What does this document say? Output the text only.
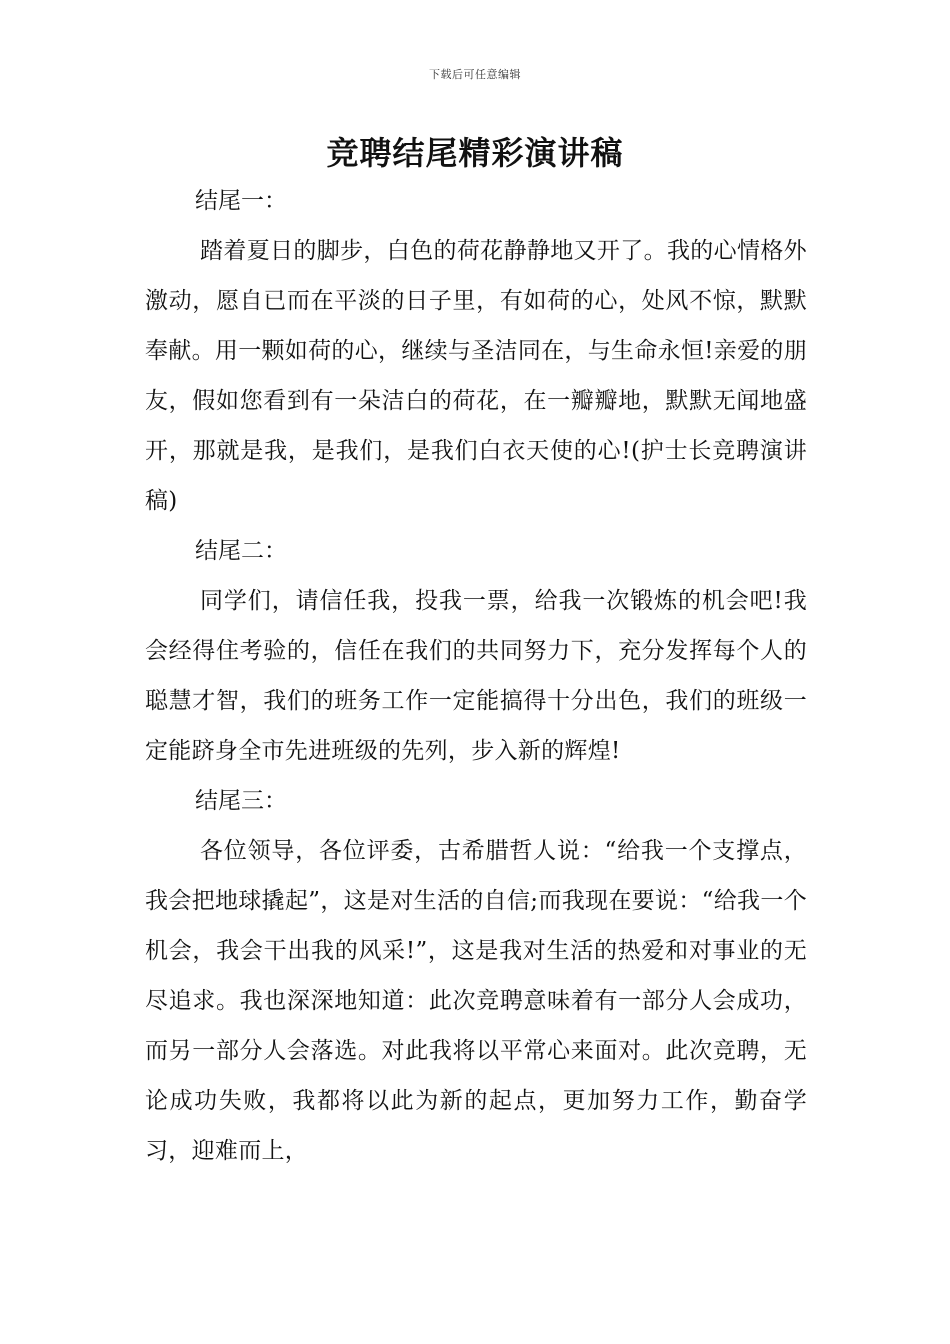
下载后可任意编辑
竞聘结尾精彩演讲稿

结尾一：

踏着夏日的脚步，白色的荷花静静地又开了。我的心情格外激动，愿自已而在平淡的日子里，有如荷的心，处风不惊，默默奉献。用一颗如荷的心，继续与圣洁同在，与生命永恒!亲爱的朋友，假如您看到有一朵洁白的荷花，在一瓣瓣地，默默无闻地盛开，那就是我，是我们，是我们白衣天使的心!(护士长竞聘演讲稿)

结尾二：

同学们，请信任我，投我一票，给我一次锻炼的机会吧!我会经得住考验的，信任在我们的共同努力下，充分发挥每个人的聪慧才智，我们的班务工作一定能搞得十分出色，我们的班级一定能跻身全市先进班级的先列，步入新的辉煌!

结尾三：

各位领导，各位评委，古希腊哲人说：“给我一个支撑点，我会把地球撬起”，这是对生活的自信;而我现在要说：“给我一个机会，我会干出我的风采!”，这是我对生活的热爱和对事业的无尽追求。我也深深地知道：此次竞聘意味着有一部分人会成功，而另一部分人会落选。对此我将以平常心来面对。此次竞聘，无论成功失败，我都将以此为新的起点，更加努力工作，勤奋学习，迎难而上，
